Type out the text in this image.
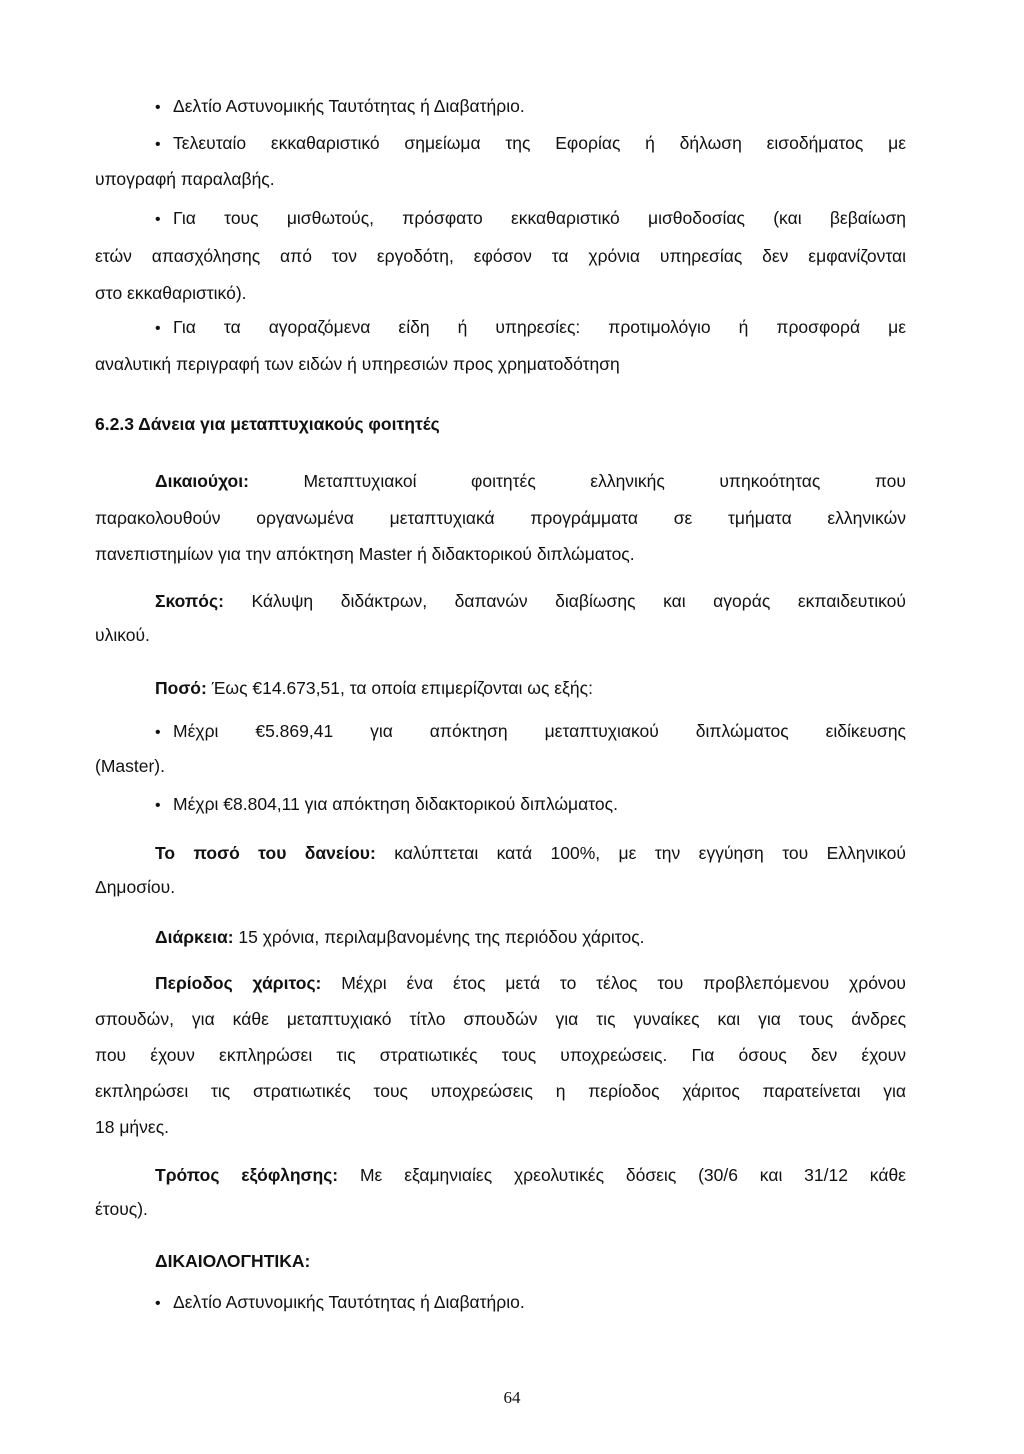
• Δελτίο Αστυνομικής Ταυτότητας ή Διαβατήριο.
• Τελευταίο εκκαθαριστικό σημείωμα της Εφορίας ή δήλωση εισοδήματος με
υπογραφή παραλαβής.
• Για τους μισθωτούς, πρόσφατο εκκαθαριστικό μισθοδοσίας (και βεβαίωση
ετών απασχόλησης από τον εργοδότη, εφόσον τα χρόνια υπηρεσίας δεν εμφανίζονται
στο εκκαθαριστικό).
• Για τα αγοραζόμενα είδη ή υπηρεσίες: προτιμολόγιο ή προσφορά με
αναλυτική περιγραφή των ειδών ή υπηρεσιών προς χρηματοδότηση
6.2.3 Δάνεια για μεταπτυχιακούς φοιτητές
Δικαιούχοι:	Μεταπτυχιακοί φοιτητές ελληνικής υπηκοότητας που
παρακολουθούν οργανωμένα μεταπτυχιακά προγράμματα σε τμήματα ελληνικών
πανεπιστημίων για την απόκτηση Master ή διδακτορικού διπλώματος.
Σκοπός: Κάλυψη διδάκτρων, δαπανών διαβίωσης και αγοράς εκπαιδευτικού
υλικού.
Ποσό: Έως €14.673,51, τα οποία επιμερίζονται ως εξής:
• Μέχρι €5.869,41 για απόκτηση μεταπτυχιακού διπλώματος ειδίκευσης
(Master).
• Μέχρι €8.804,11 για απόκτηση διδακτορικού διπλώματος.
Το ποσό του δανείου: καλύπτεται κατά 100%, με την εγγύηση του Ελληνικού
Δημοσίου.
Διάρκεια: 15 χρόνια, περιλαμβανομένης της περιόδου χάριτος.
Περίοδος χάριτος: Μέχρι ένα έτος μετά το τέλος του προβλεπόμενου χρόνου
σπουδών, για κάθε μεταπτυχιακό τίτλο σπουδών για τις γυναίκες και για τους άνδρες
που έχουν εκπληρώσει τις στρατιωτικές τους υποχρεώσεις. Για όσους δεν έχουν
εκπληρώσει τις στρατιωτικές τους υποχρεώσεις η περίοδος χάριτος παρατείνεται για
18 μήνες.
Τρόπος εξόφλησης: Με εξαμηνιαίες χρεολυτικές δόσεις (30/6 και 31/12 κάθε
έτους).
ΔΙΚΑΙΟΛΟΓΗΤΙΚΑ:
• Δελτίο Αστυνομικής Ταυτότητας ή Διαβατήριο.
64
